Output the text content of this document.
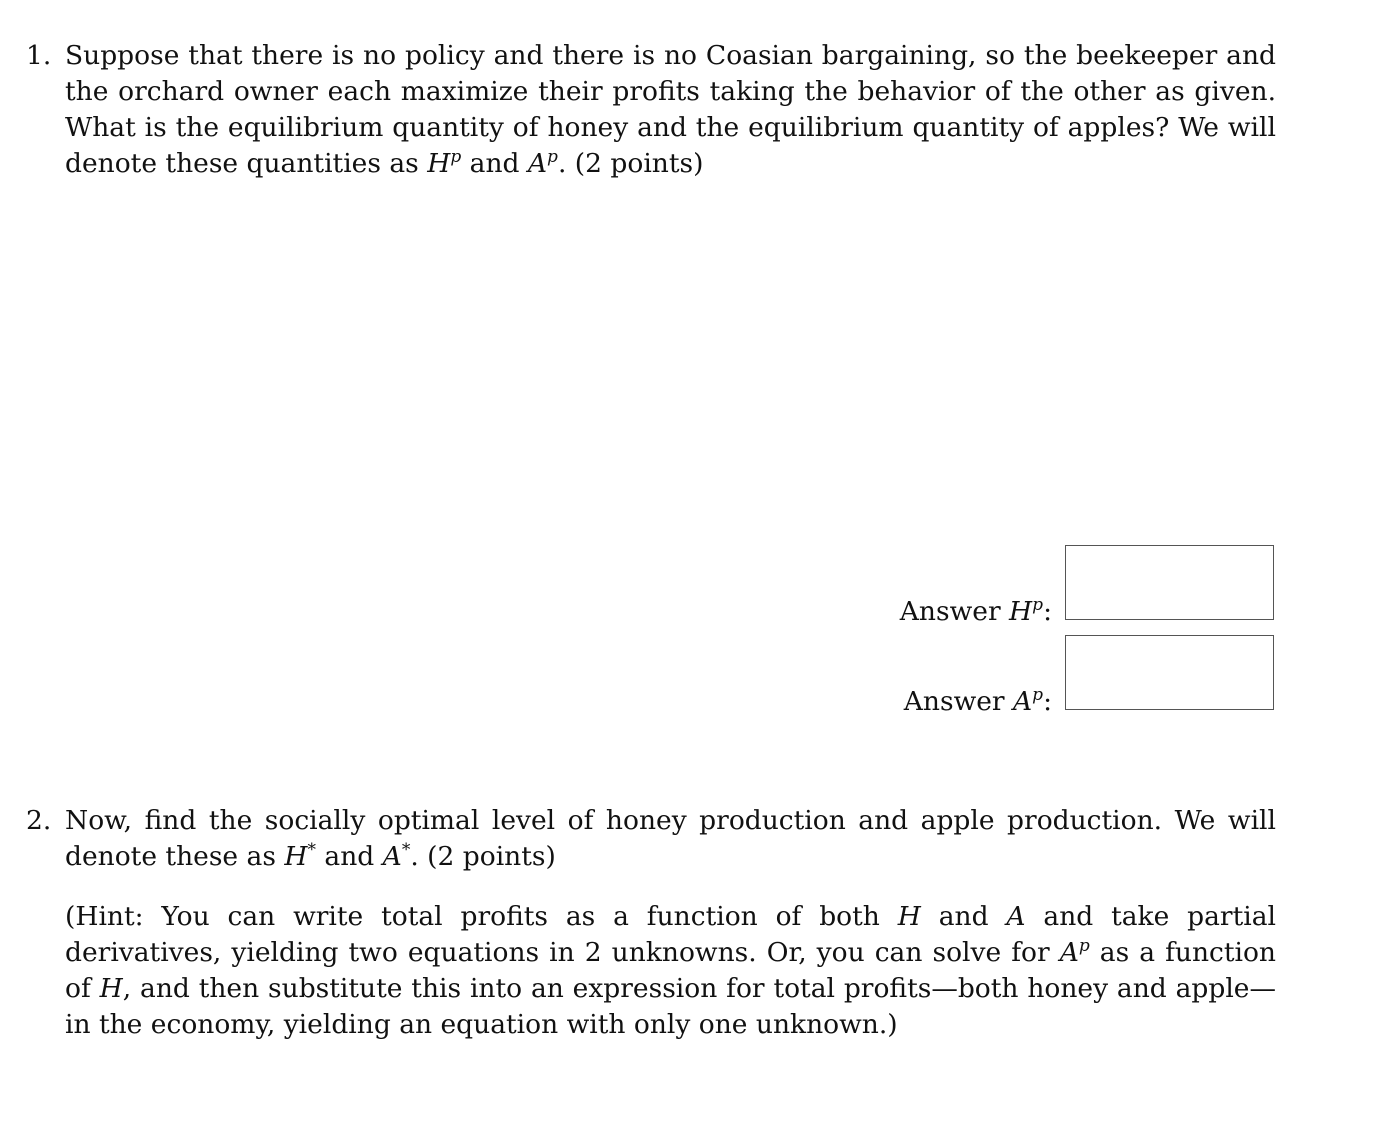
1. Suppose that there is no policy and there is no Coasian bargaining, so the beekeeper and the orchard owner each maximize their profits taking the behavior of the other as given. What is the equilibrium quantity of honey and the equilibrium quantity of apples? We will denote these quantities as $H^p$ and $A^p$. (2 points)
Answer $H^p$:
Answer $A^p$:
2. Now, find the socially optimal level of honey production and apple production. We will denote these as H* and A*. (2 points)
(Hint: You can write total profits as a function of both H and A and take partial derivatives, yielding two equations in 2 unknowns. Or, you can solve for $A^p$ as a function of H, and then substitute this into an expression for total profits—both honey and apple—in the economy, yielding an equation with only one unknown.)
